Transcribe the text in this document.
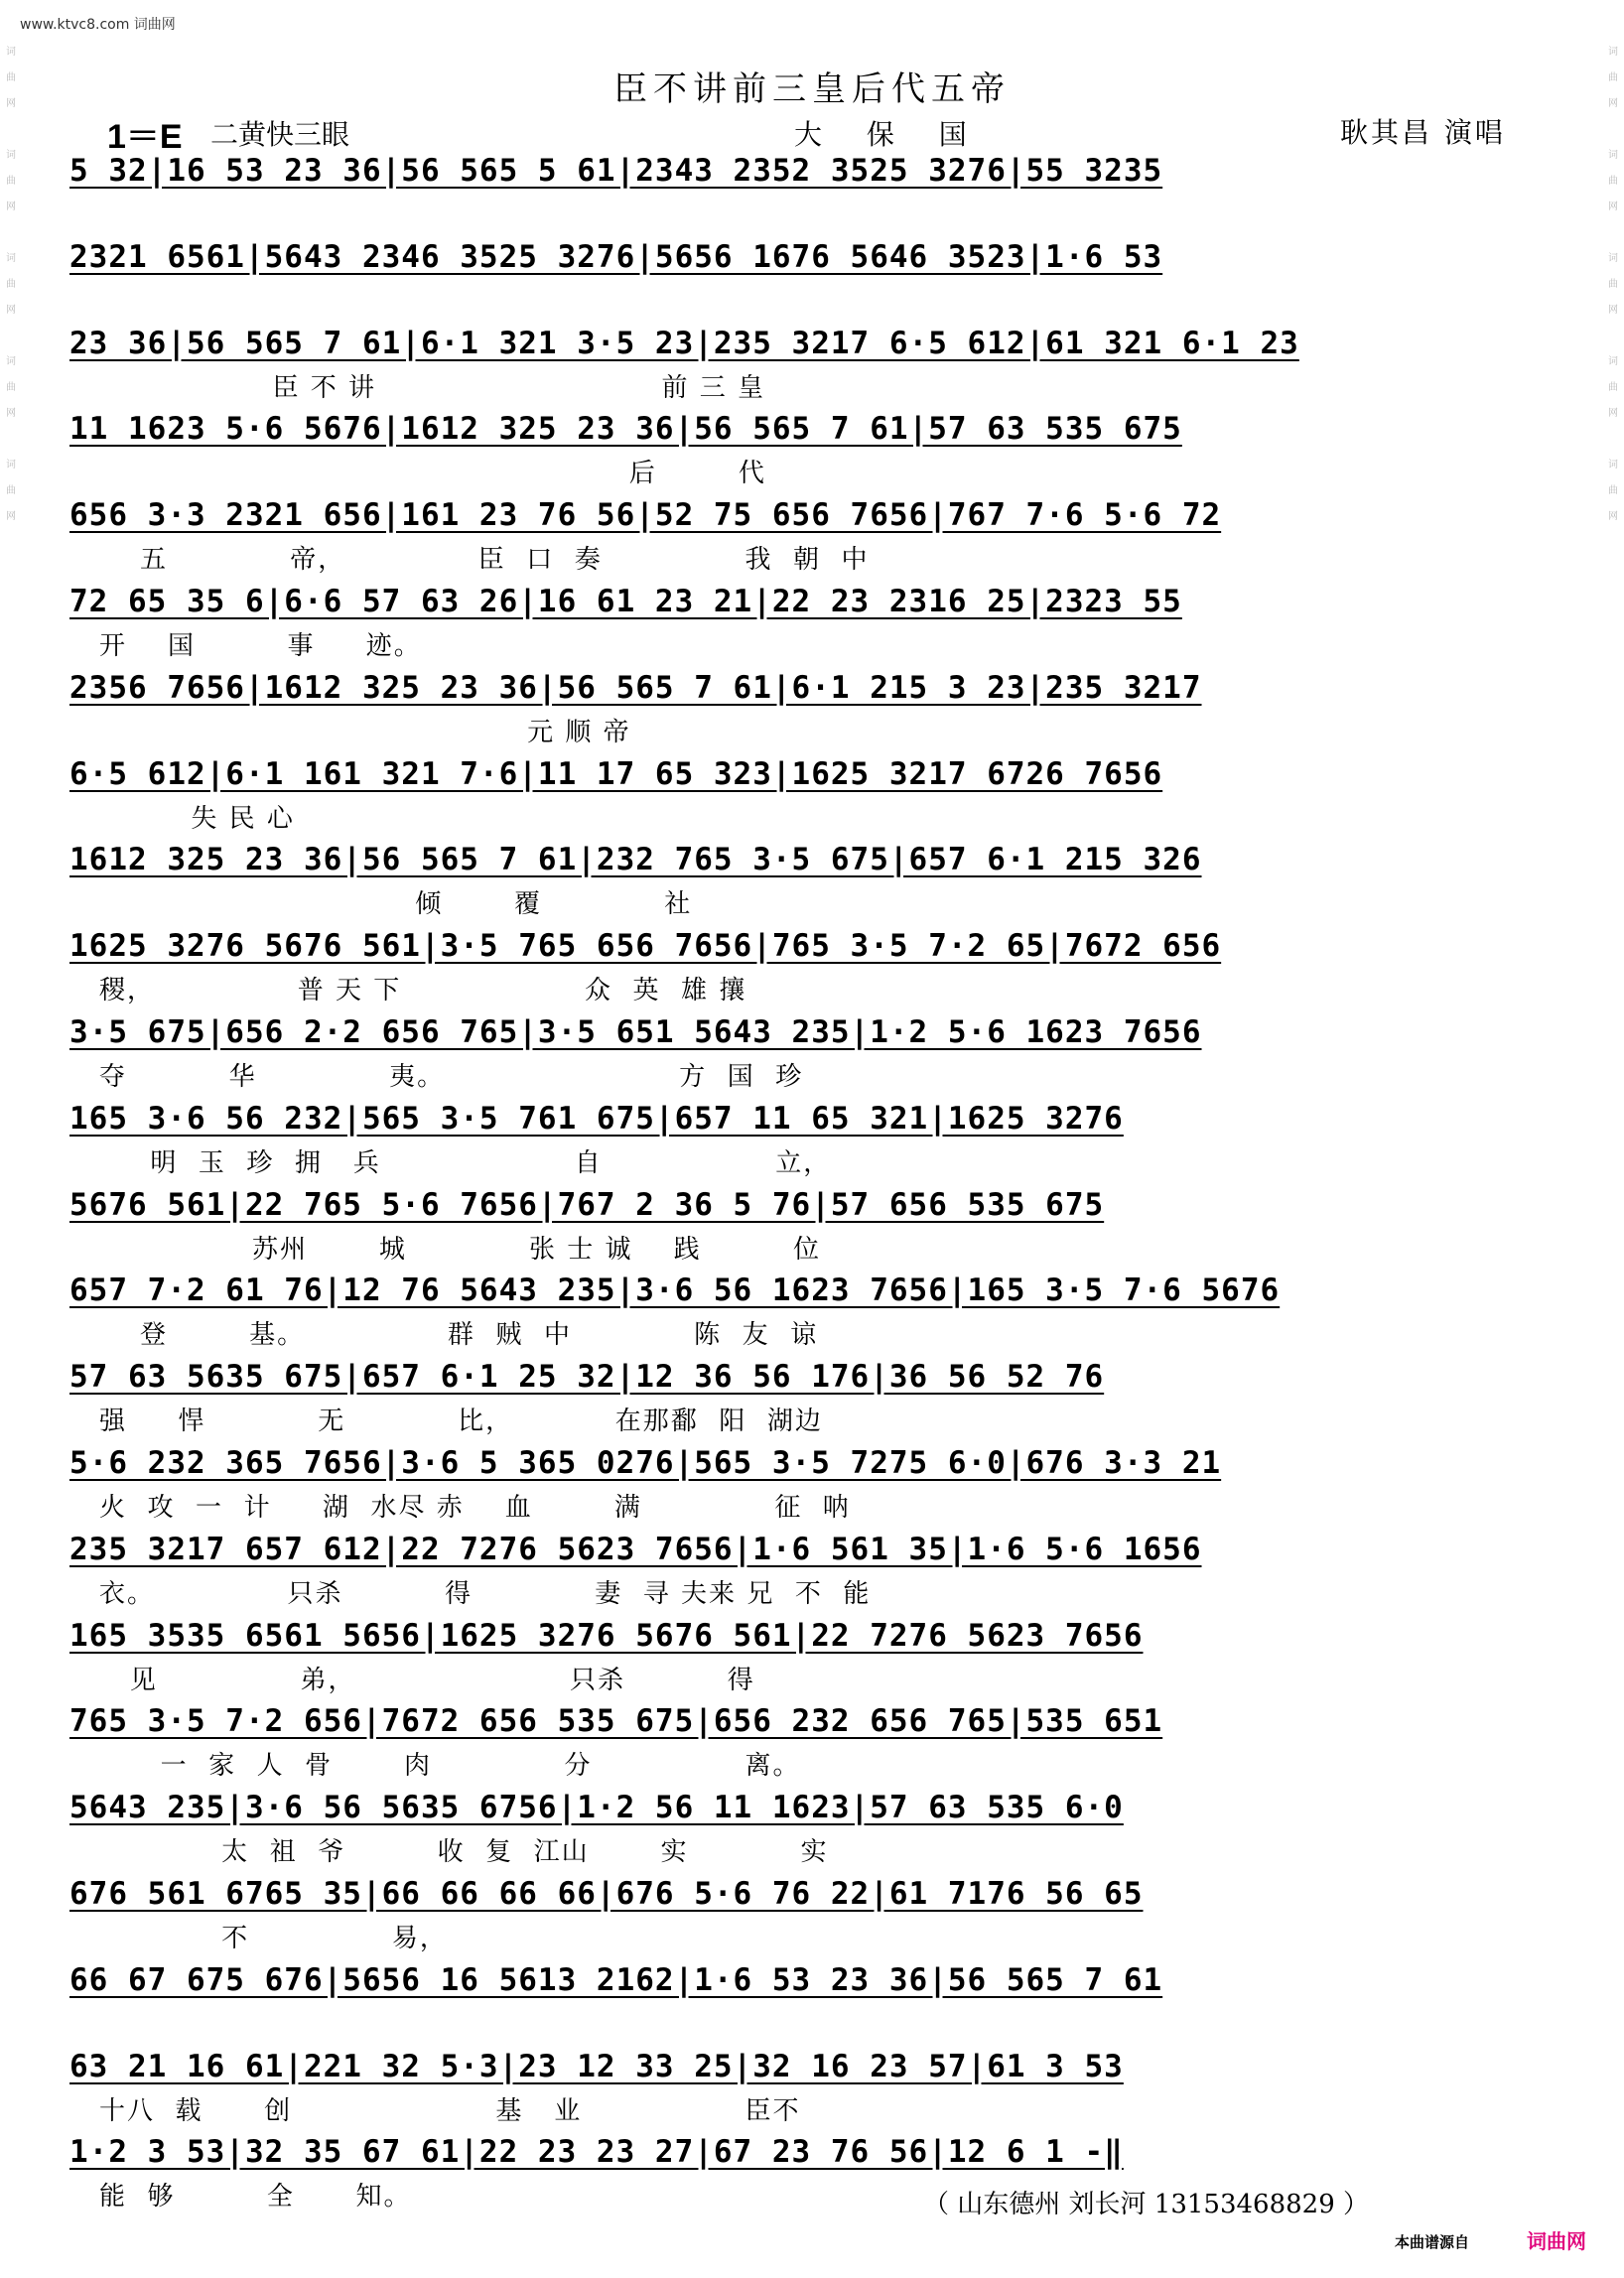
www.ktvc8.com 词曲网
词曲网

词曲网

词曲网

词曲网

词曲网
词曲网

词曲网

词曲网

词曲网

词曲网
臣不讲前三皇后代五帝
1＝E 二黄快三眼	大 保 国	耿其昌 演唱
5 32|16 53 23 36|56 565 5 61|2343 2352 3525 3276|55 3235
2321 6561|5643 2346 3525 3276|5656 1676 5646 3523|1·6 53
23 36|56 565 7 61|6·1 321 3·5 23|235 3217 6·5 612|61 321 6·1 23
臣 不 讲                            前 三 皇
11 1623 5·6 5676|1612 325 23 36|56 565 7 61|57 63 535 675
后        代
656 3·3 2321 656|161 23 76 56|52 75 656 7656|767 7·6 5·6 72
五            帝，             臣  口  奏              我  朝  中
72 65 35 6|6·6 57 63 26|16 61 23 21|22 23 2316 25|2323 55
开    国         事     迹。
2356 7656|1612 325 23 36|56 565 7 61|6·1 215 3 23|235 3217
元 顺 帝
6·5 612|6·1 161 321 7·6|11 17 65 323|1625 3217 6726 7656
失 民 心
1612 325 23 36|56 565 7 61|232 765 3·5 675|657 6·1 215 326
倾       覆            社
1625 3276 5676 561|3·5 765 656 7656|765 3·5 7·2 65|7672 656
稷，              普 天 下                  众  英  雄 攘
3·5 675|656 2·2 656 765|3·5 651 5643 235|1·2 5·6 1623 7656
夺          华             夷。                       方  国  珍
165 3·6 56 232|565 3·5 761 675|657 11 65 321|1625 3276
明  玉  珍  拥   兵                   自                 立，
5676 561|22 765 5·6 7656|767 2 36 5 76|57 656 535 675
苏州       城            张 士 诚    践         位
657 7·2 61 76|12 76 5643 235|3·6 56 1623 7656|165 3·5 7·6 5676
登        基。              群  贼  中            陈  友  谅
57 63 5635 675|657 6·1 25 32|12 36 56 176|36 56 52 76
强     悍           无           比，          在那鄱  阳  湖边
5·6 232 365 7656|3·6 5 365 0276|565 3·5 7275 6·0|676 3·3 21
火  攻  一  计     湖  水尽 赤    血        满             征  呐
235 3217 657 612|22 7276 5623 7656|1·6 561 35|1·6 5·6 1656
衣。             只杀          得            妻  寻 夫来 兄  不  能
165 3535 6561 5656|1625 3276 5676 561|22 7276 5623 7656
见              弟，                     只杀          得
765 3·5 7·2 656|7672 656 535 675|656 232 656 765|535 651
一  家  人  骨       肉             分               离。
5643 235|3·6 56 5635 6756|1·2 56 11 1623|57 63 535 6·0
太  祖  爷         收  复  江山       实           实
676 561 6765 35|66 66 66 66|676 5·6 76 22|61 7176 56 65
不              易，
66 67 675 676|5656 16 5613 2162|1·6 53 23 36|56 565 7 61
63 21 16 61|221 32 5·3|23 12 33 25|32 16 23 57|61 3 53
十八  载      创                    基   业                臣不
1·2 3 53|32 35 67 61|22 23 23 27|67 23 76 56|12 6 1 -‖
能  够         全      知。	（ 山东德州 刘长河 13153468829 ）
本曲谱源自	词曲网
